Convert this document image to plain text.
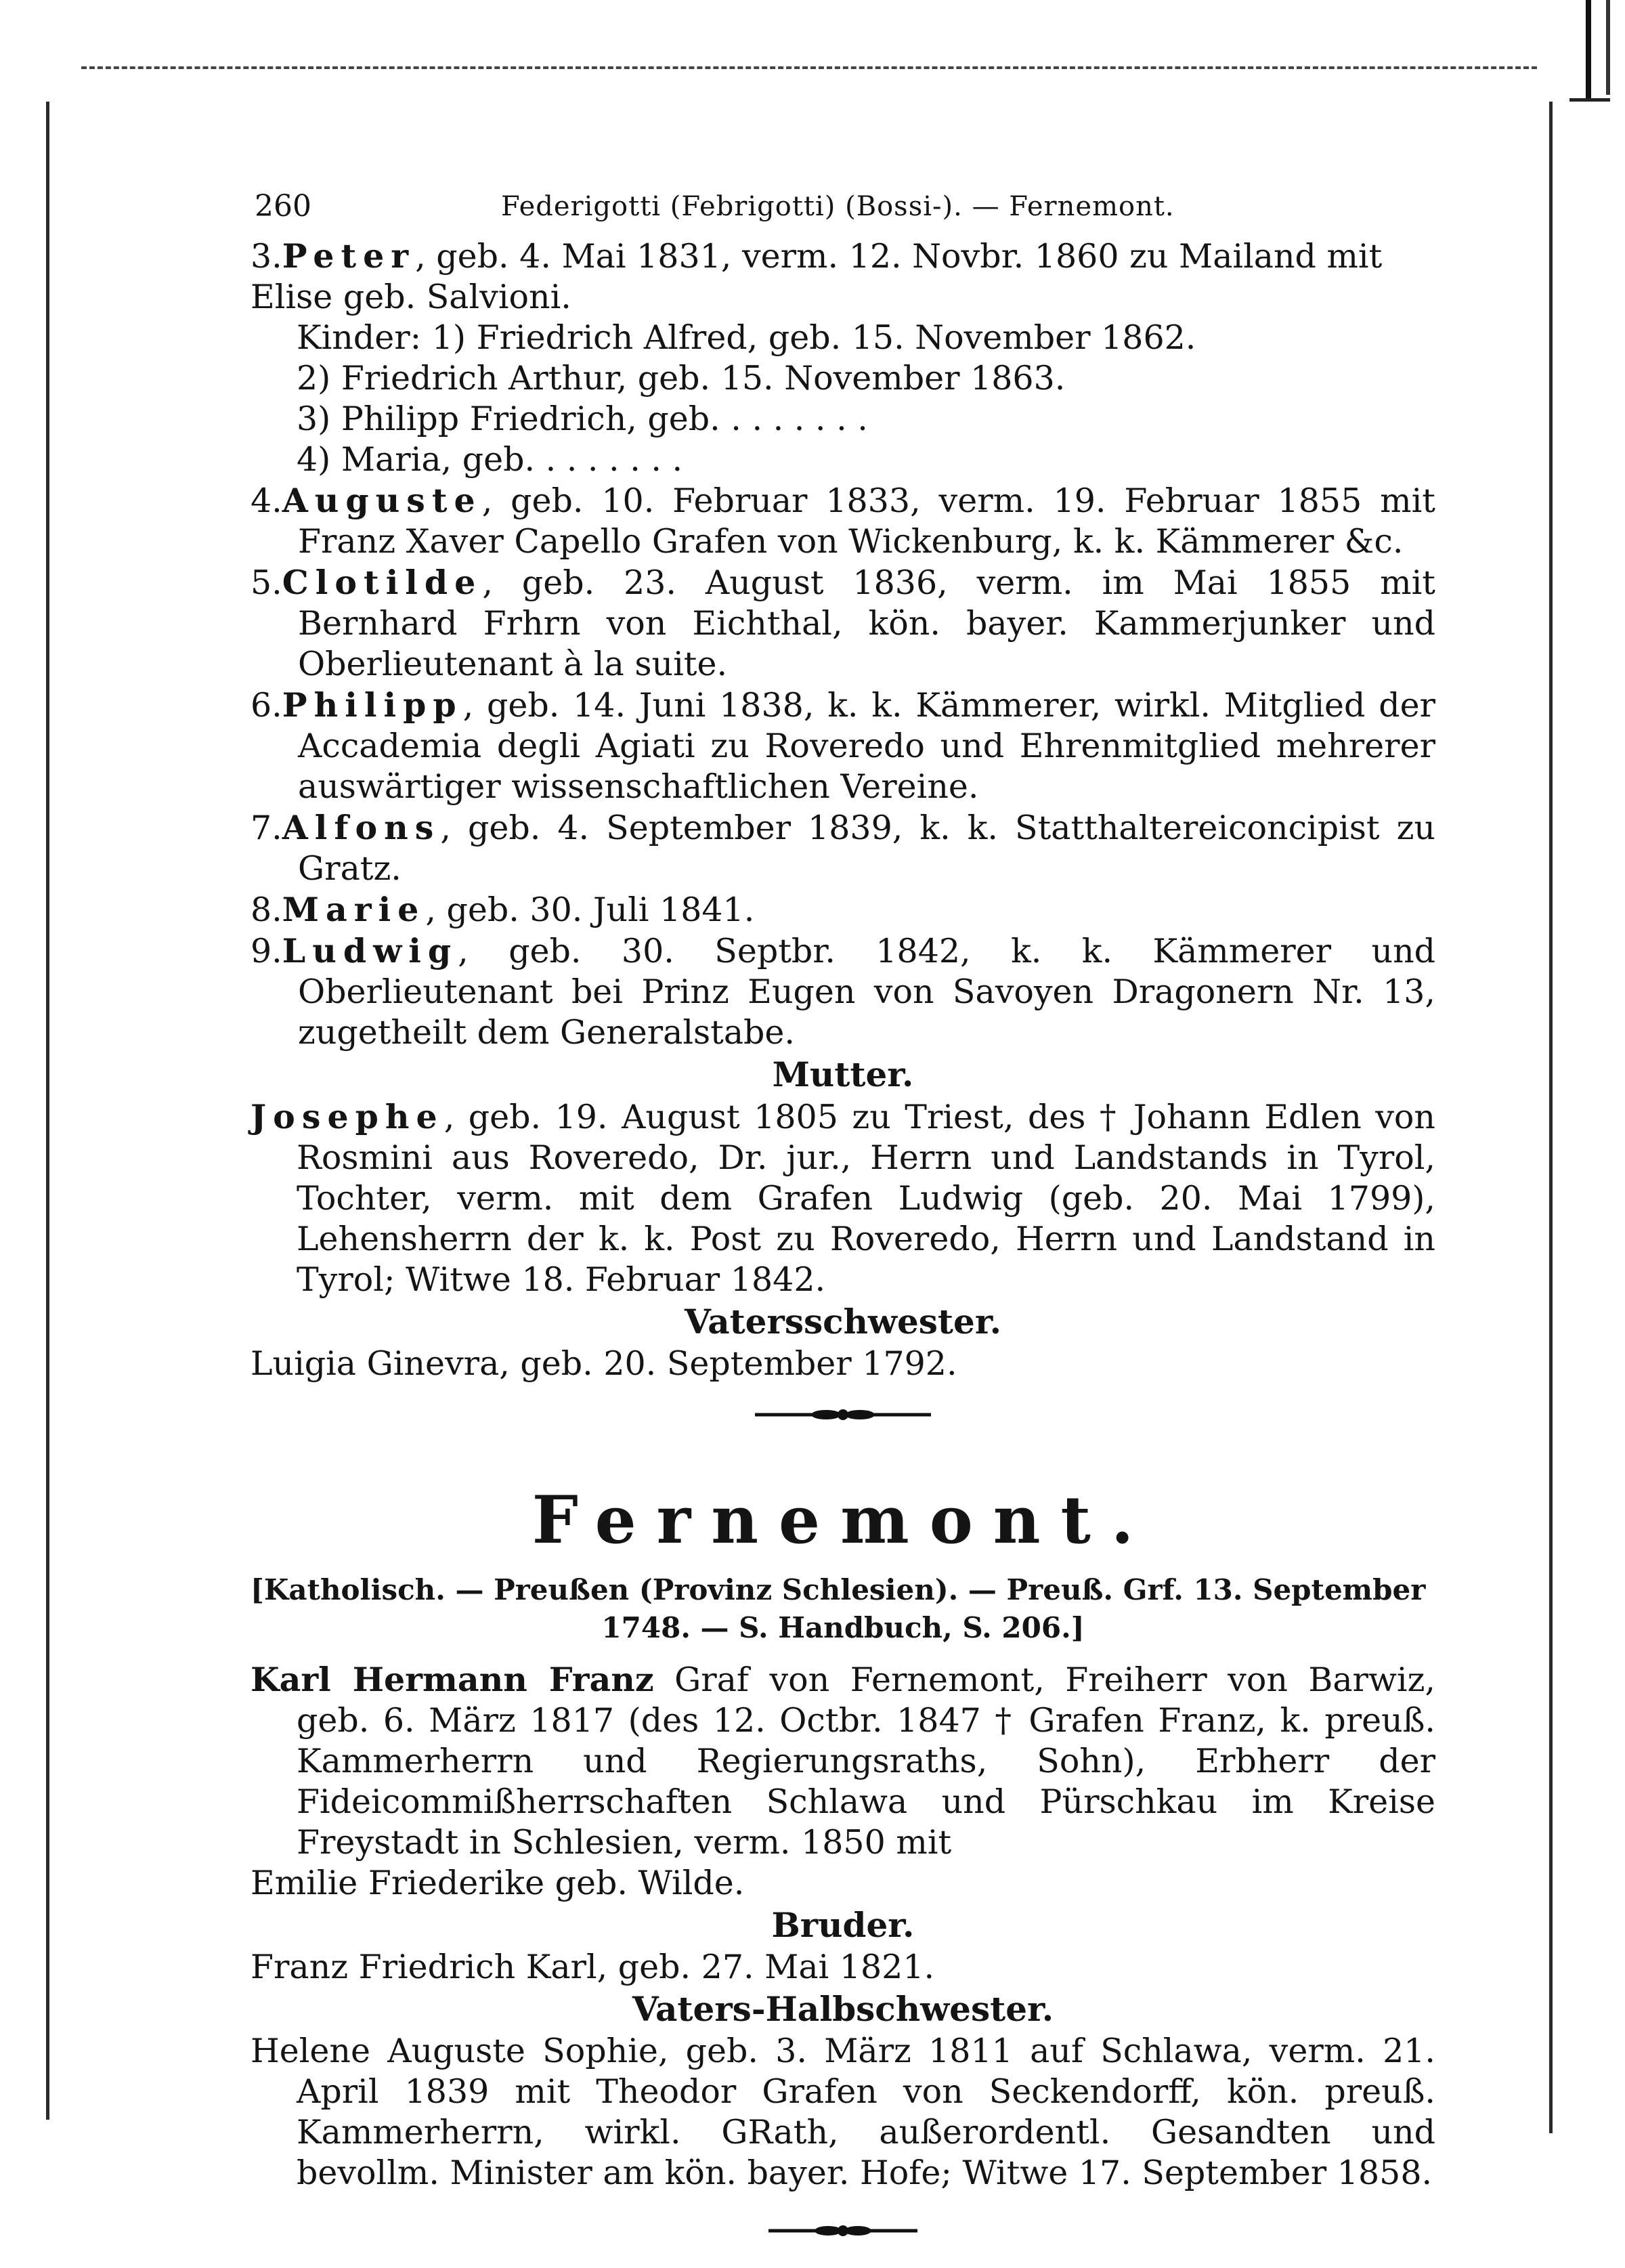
260	Federigotti (Febrigotti) (Bossi-). — Fernemont.
3.Peter, geb. 4. Mai 1831, verm. 12. Novbr. 1860 zu Mailand mit
Elise geb. Salvioni.
Kinder: 1) Friedrich Alfred, geb. 15. November 1862.
2) Friedrich Arthur, geb. 15. November 1863.
3) Philipp Friedrich, geb. . . . . . . .
4) Maria, geb. . . . . . . .
4.Auguste, geb. 10. Februar 1833, verm. 19. Februar 1855 mit Franz Xaver Capello Grafen von Wickenburg, k. k. Kämmerer &c.
5.Clotilde, geb. 23. August 1836, verm. im Mai 1855 mit Bernhard Frhrn von Eichthal, kön. bayer. Kammerjunker und Oberlieutenant à la suite.
6.Philipp, geb. 14. Juni 1838, k. k. Kämmerer, wirkl. Mitglied der Accademia degli Agiati zu Roveredo und Ehrenmitglied mehrerer auswärtiger wissenschaftlichen Vereine.
7.Alfons, geb. 4. September 1839, k. k. Statthaltereiconcipist zu Gratz.
8.Marie, geb. 30. Juli 1841.
9.Ludwig, geb. 30. Septbr. 1842, k. k. Kämmerer und Oberlieutenant bei Prinz Eugen von Savoyen Dragonern Nr. 13, zugetheilt dem Generalstabe.
Mutter.
Josephe, geb. 19. August 1805 zu Triest, des † Johann Edlen von Rosmini aus Roveredo, Dr. jur., Herrn und Landstands in Tyrol, Tochter, verm. mit dem Grafen Ludwig (geb. 20. Mai 1799), Lehensherrn der k. k. Post zu Roveredo, Herrn und Landstand in Tyrol; Witwe 18. Februar 1842.
Vatersschwester.
Luigia Ginevra, geb. 20. September 1792.
Fernemont.
[Katholisch. — Preußen (Provinz Schlesien). — Preuß. Grf. 13. September
1748. — S. Handbuch, S. 206.]
Karl Hermann Franz Graf von Fernemont, Freiherr von Barwiz, geb. 6. März 1817 (des 12. Octbr. 1847 † Grafen Franz, k. preuß. Kammerherrn und Regierungsraths, Sohn), Erbherr der Fideicommißherrschaften Schlawa und Pürschkau im Kreise Freystadt in Schlesien, verm. 1850 mit
Emilie Friederike geb. Wilde.
Bruder.
Franz Friedrich Karl, geb. 27. Mai 1821.
Vaters-Halbschwester.
Helene Auguste Sophie, geb. 3. März 1811 auf Schlawa, verm. 21. April 1839 mit Theodor Grafen von Seckendorff, kön. preuß. Kammerherrn, wirkl. GRath, außerordentl. Gesandten und bevollm. Minister am kön. bayer. Hofe; Witwe 17. September 1858.
